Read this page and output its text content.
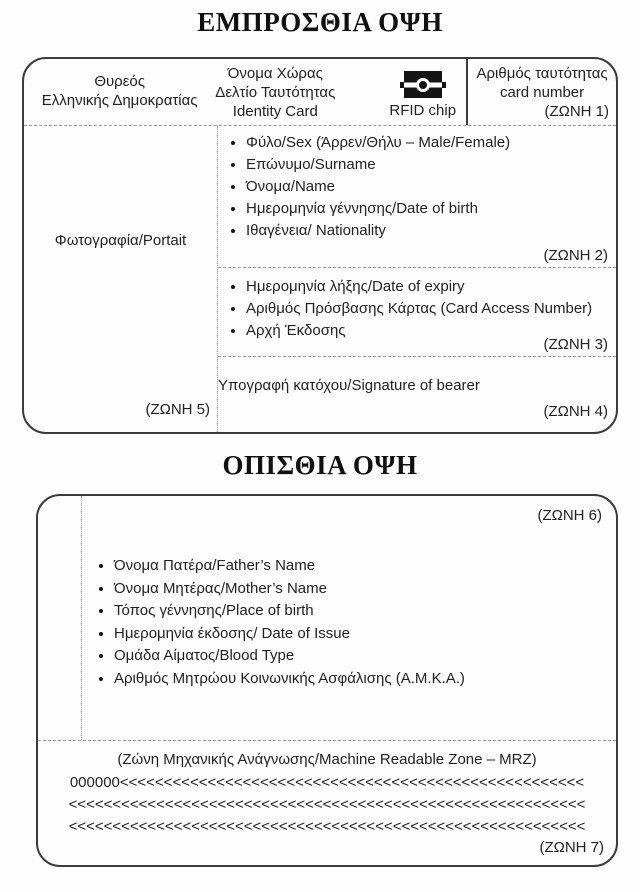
ΕΜΠΡΟΣΘΙΑ ΟΨΗ
Θυρεός
Ελληνικής Δημοκρατίας
Όνομα Χώρας
Δελτίο Ταυτότητας
Identity Card	RFID chip
Αριθμός ταυτότητας
card number
(ΖΩΝΗ 1)
Φωτογραφία/Portait
(ΖΩΝΗ 5)
• Φύλο/Sex (Άρρεν/Θήλυ – Male/Female)
• Επώνυμο/Surname
• Όνομα/Name
• Ημερομηνία γέννησης/Date of birth
• Ιθαγένεια/ Nationality
(ΖΩΝΗ 2)
• Ημερομηνία λήξης/Date of expiry
• Αριθμός Πρόσβασης Κάρτας (Card Access Number)
• Αρχή Έκδοσης
(ΖΩΝΗ 3)
Υπογραφή κατόχου/Signature of bearer
(ΖΩΝΗ 4)
ΟΠΙΣΘΙΑ ΟΨΗ
(ΖΩΝΗ 6)
• Όνομα Πατέρα/Father’s Name
• Όνομα Μητέρας/Mother’s Name
• Τόπος γέννησης/Place of birth
• Ημερομηνία έκδοσης/ Date of Issue
• Ομάδα Αίματος/Blood Type
• Αριθμός Μητρώου Κοινωνικής Ασφάλισης (Α.Μ.Κ.Α.)
(Ζώνη Μηχανικής Ανάγνωσης/Machine Readable Zone – MRZ)
000000<<<<<<<<<<<<<<<<<<<<<<<<<<<<<<<<<<<<<<<<<<<<<<<<<<<<<
<<<<<<<<<<<<<<<<<<<<<<<<<<<<<<<<<<<<<<<<<<<<<<<<<<<<<<<<<<<
<<<<<<<<<<<<<<<<<<<<<<<<<<<<<<<<<<<<<<<<<<<<<<<<<<<<<<<<<<<
(ΖΩΝΗ 7)
